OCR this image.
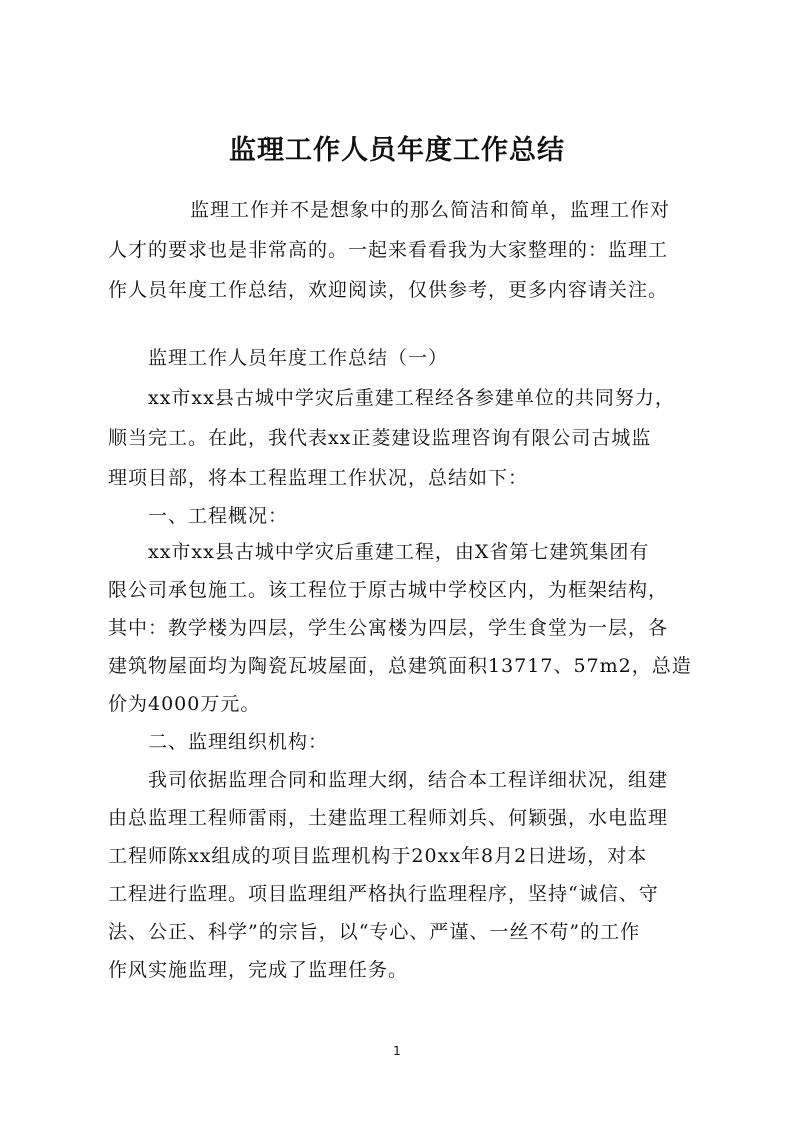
监理工作人员年度工作总结
监理工作并不是想象中的那么简洁和简单，监理工作对
人才的要求也是非常高的。一起来看看我为大家整理的：监理工
作人员年度工作总结，欢迎阅读，仅供参考，更多内容请关注。
监理工作人员年度工作总结（一）
xx市xx县古城中学灾后重建工程经各参建单位的共同努力，
顺当完工。在此，我代表xx正菱建设监理咨询有限公司古城监
理项目部，将本工程监理工作状况，总结如下：
一、工程概况：
xx市xx县古城中学灾后重建工程，由X省第七建筑集团有
限公司承包施工。该工程位于原古城中学校区内，为框架结构，
其中：教学楼为四层，学生公寓楼为四层，学生食堂为一层，各
建筑物屋面均为陶瓷瓦坡屋面，总建筑面积13717、57m2，总造
价为4000万元。
二、监理组织机构：
我司依据监理合同和监理大纲，结合本工程详细状况，组建
由总监理工程师雷雨，土建监理工程师刘兵、何颖强，水电监理
工程师陈xx组成的项目监理机构于20xx年8月2日进场，对本
工程进行监理。项目监理组严格执行监理程序，坚持“诚信、守
法、公正、科学”的宗旨，以“专心、严谨、一丝不苟”的工作
作风实施监理，完成了监理任务。
1
